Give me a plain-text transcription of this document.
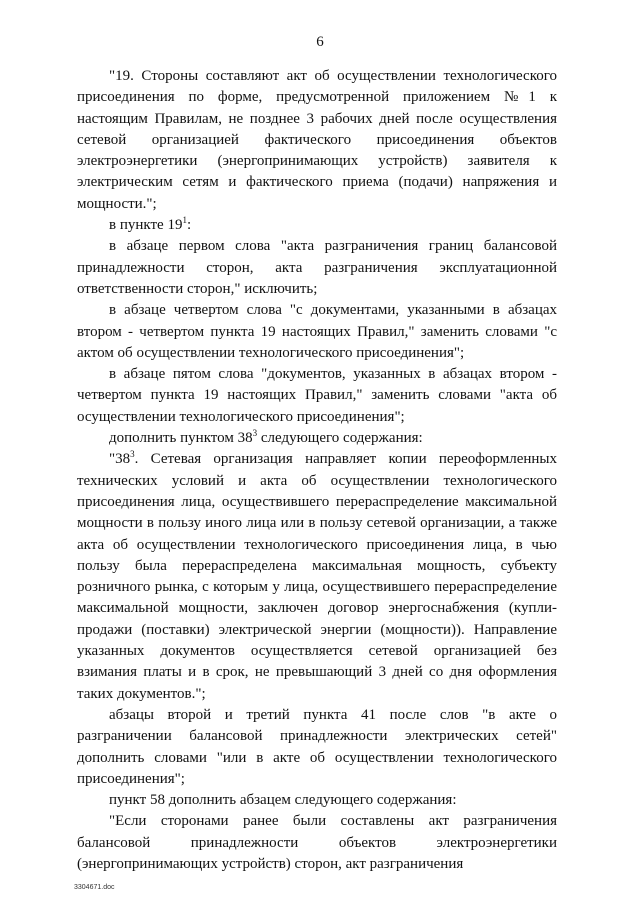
6

"19. Стороны составляют акт об осуществлении технологического присоединения по форме, предусмотренной приложением №1 к настоящим Правилам, не позднее 3 рабочих дней после осуществления сетевой организацией фактического присоединения объектов электроэнергетики (энергопринимающих устройств) заявителя к электрическим сетям и фактического приема (подачи) напряжения и мощности.";

в пункте $19^1$:

в абзаце первом слова "акта разграничения границ балансовой принадлежности сторон, акта разграничения эксплуатационной ответственности сторон," исключить;

в абзаце четвертом слова "с документами, указанными в абзацах втором - четвертом пункта 19 настоящих Правил," заменить словами "с актом об осуществлении технологического присоединения";

в абзаце пятом слова "документов, указанных в абзацах втором - четвертом пункта 19 настоящих Правил," заменить словами "акта об осуществлении технологического присоединения";

дополнить пунктом $38^3$ следующего содержания:

"$38^3$. Сетевая организация направляет копии переоформленных технических условий и акта об осуществлении технологического присоединения лица, осуществившего перераспределение максимальной мощности в пользу иного лица или в пользу сетевой организации, а также акта об осуществлении технологического присоединения лица, в чью пользу была перераспределена максимальная мощность, субъекту розничного рынка, с которым у лица, осуществившего перераспределение максимальной мощности, заключен договор энергоснабжения (купли-продажи (поставки) электрической энергии (мощности)). Направление указанных документов осуществляется сетевой организацией без взимания платы и в срок, не превышающий 3 дней со дня оформления таких документов.";

абзацы второй и третий пункта 41 после слов "в акте о разграничении балансовой принадлежности электрических сетей" дополнить словами "или в акте об осуществлении технологического присоединения";

пункт 58 дополнить абзацем следующего содержания:

"Если сторонами ранее были составлены акт разграничения балансовой принадлежности объектов электроэнергетики (энергопринимающих устройств) сторон, акт разграничения

3304671.doc
